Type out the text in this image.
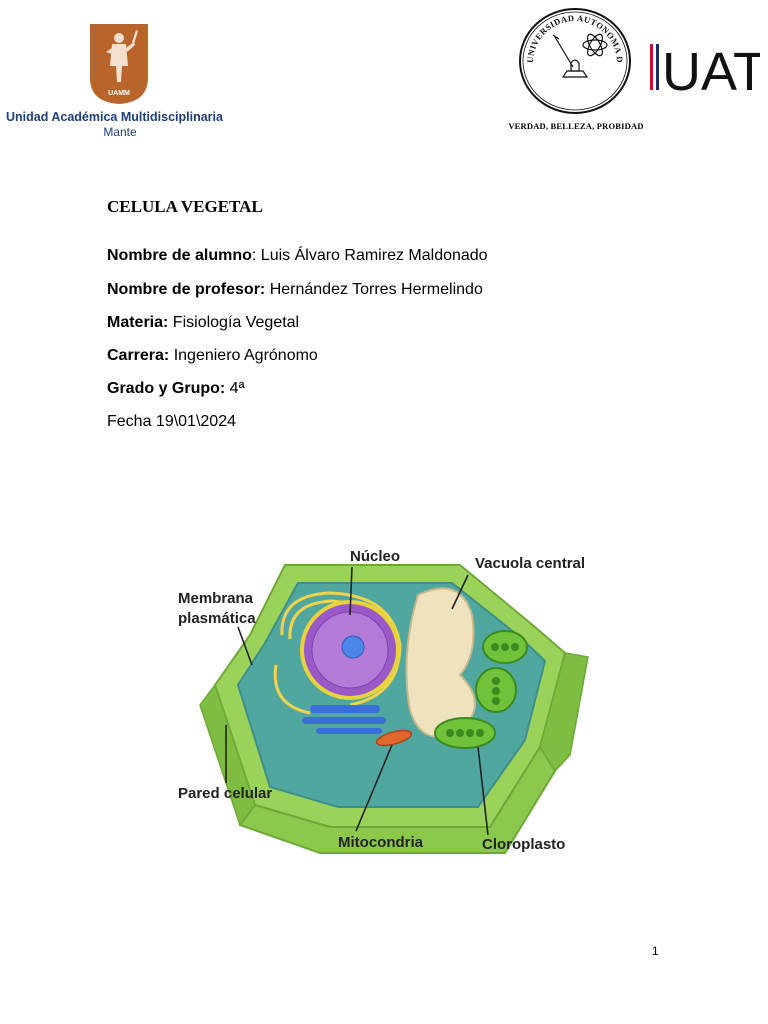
UAMM
Unidad Académica Multidisciplinaria
Mante
UNIVERSIDAD AUTONOMA D
VERDAD, BELLEZA, PROBIDAD
UAT
CELULA VEGETAL
Nombre de alumno: Luis Álvaro Ramirez Maldonado
Nombre de profesor: Hernández Torres Hermelindo
Materia: Fisiología Vegetal
Carrera: Ingeniero Agrónomo
Grado y Grupo: 4ª
Fecha 19\01\2024
Núcleo	Vacuola central
Membrana
plasmática
Pared celular
Mitocondria	Cloroplasto
1
